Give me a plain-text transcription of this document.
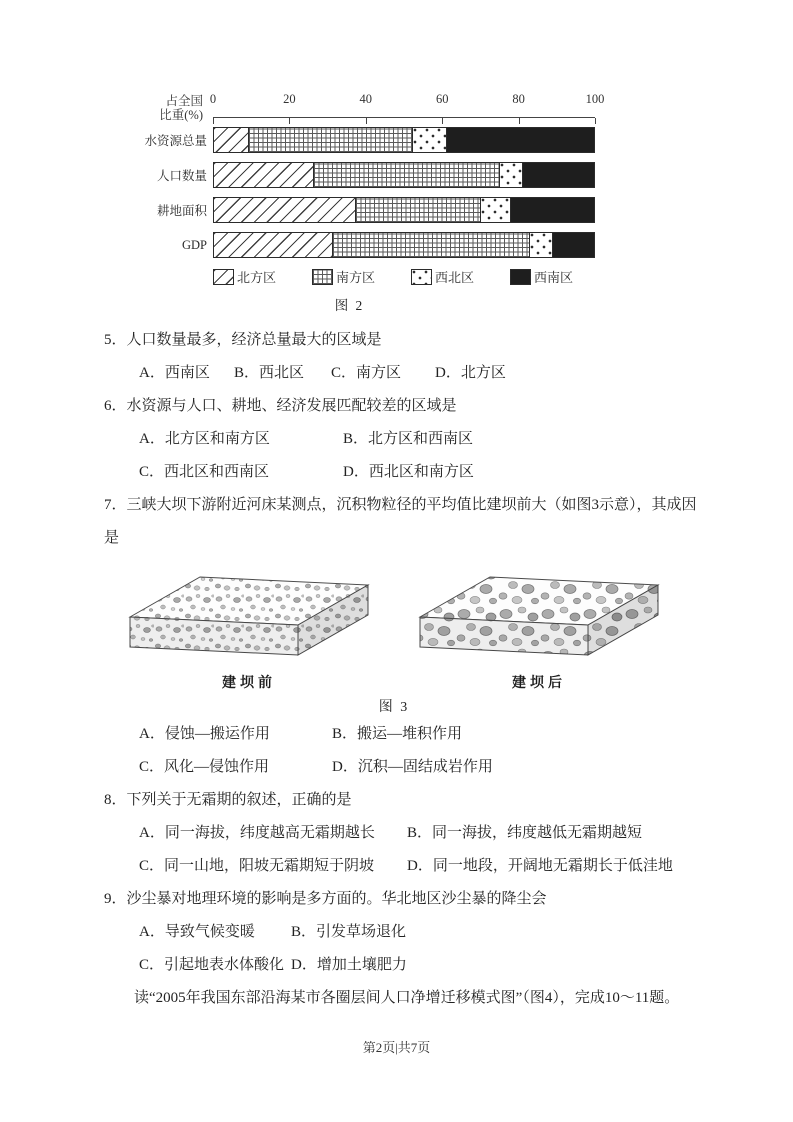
占全国
比重(%)
0	20	40	60	80	100
水资源总量
人口数量
耕地面积
GDP
北方区	南方区	西北区	西南区
图 2
5．人口数量最多，经济总量最大的区域是
A．西南区	B．西北区	C．南方区	D．北方区
6．水资源与人口、耕地、经济发展匹配较差的区域是
A．北方区和南方区	B．北方区和西南区
C．西北区和西南区	D．西北区和南方区
7．三峡大坝下游附近河床某测点，沉积物粒径的平均值比建坝前大（如图3示意），其成因是
建坝前	建坝后
图 3
A．侵蚀—搬运作用	B．搬运—堆积作用
C．风化—侵蚀作用	D．沉积—固结成岩作用
8．下列关于无霜期的叙述，正确的是
A．同一海拔，纬度越高无霜期越长	B．同一海拔，纬度越低无霜期越短
C．同一山地，阳坡无霜期短于阴坡	D．同一地段，开阔地无霜期长于低洼地
9．沙尘暴对地理环境的影响是多方面的。华北地区沙尘暴的降尘会
A．导致气候变暖	B．引发草场退化
C．引起地表水体酸化 D．增加土壤肥力
读“2005年我国东部沿海某市各圈层间人口净增迁移模式图”（图4），完成10～11题。
第2页|共7页
